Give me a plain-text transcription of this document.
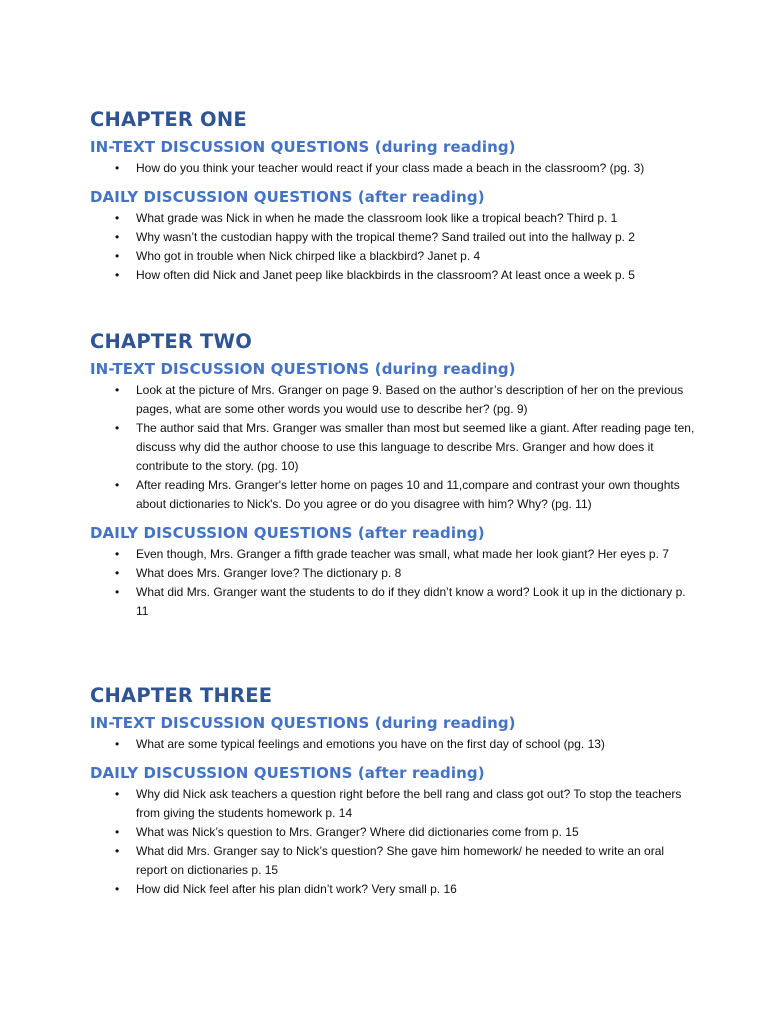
CHAPTER ONE
IN-TEXT DISCUSSION QUESTIONS (during reading)
• How do you think your teacher would react if your class made a beach in the classroom? (pg. 3)
DAILY DISCUSSION QUESTIONS (after reading)
• What grade was Nick in when he made the classroom look like a tropical beach? Third p. 1
• Why wasn’t the custodian happy with the tropical theme? Sand trailed out into the hallway p. 2
• Who got in trouble when Nick chirped like a blackbird? Janet p. 4
• How often did Nick and Janet peep like blackbirds in the classroom? At least once a week p. 5
CHAPTER TWO
IN-TEXT DISCUSSION QUESTIONS (during reading)
• Look at the picture of Mrs. Granger on page 9. Based on the author’s description of her on the previous pages, what are some other words you would use to describe her? (pg. 9)
• The author said that Mrs. Granger was smaller than most but seemed like a giant. After reading page ten, discuss why did the author choose to use this language to describe Mrs. Granger and how does it contribute to the story. (pg. 10)
• After reading Mrs. Granger's letter home on pages 10 and 11,compare and contrast your own thoughts about dictionaries to Nick's. Do you agree or do you disagree with him? Why? (pg. 11)
DAILY DISCUSSION QUESTIONS (after reading)
• Even though, Mrs. Granger a fifth grade teacher was small, what made her look giant? Her eyes p. 7
• What does Mrs. Granger love? The dictionary p. 8
• What did Mrs. Granger want the students to do if they didn’t know a word? Look it up in the dictionary p. 11
CHAPTER THREE
IN-TEXT DISCUSSION QUESTIONS (during reading)
• What are some typical feelings and emotions you have on the first day of school (pg. 13)
DAILY DISCUSSION QUESTIONS (after reading)
• Why did Nick ask teachers a question right before the bell rang and class got out? To stop the teachers from giving the students homework p. 14
• What was Nick’s question to Mrs. Granger? Where did dictionaries come from p. 15
• What did Mrs. Granger say to Nick’s question? She gave him homework/ he needed to write an oral report on dictionaries p. 15
• How did Nick feel after his plan didn’t work? Very small p. 16
